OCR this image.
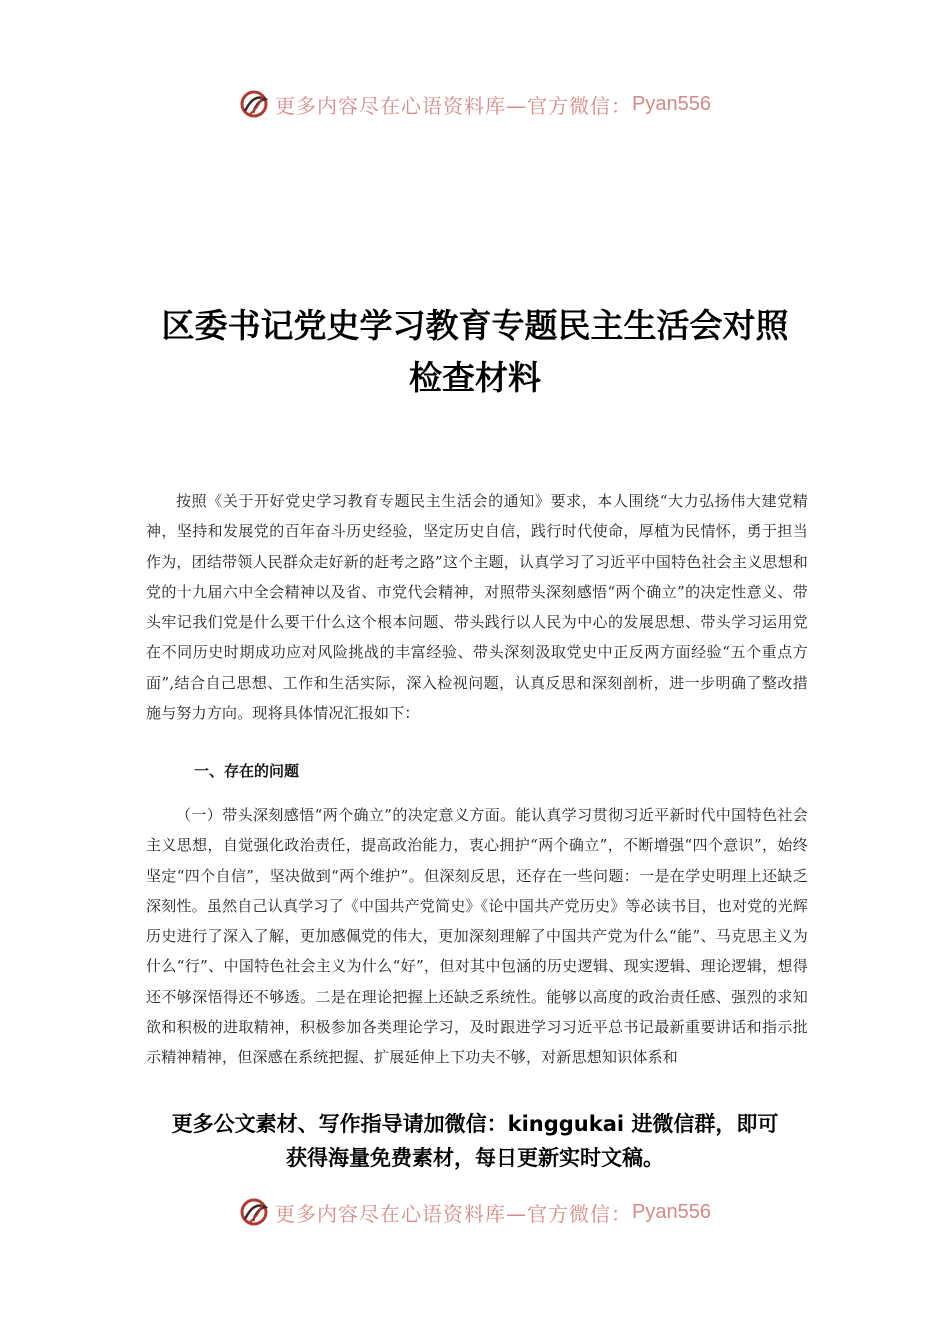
更多内容尽在心语资料库—官方微信： Pyan556
区委书记党史学习教育专题民主生活会对照检查材料
按照《关于开好党史学习教育专题民主生活会的通知》要求，本人围绕“大力弘扬伟大建党精神，坚持和发展党的百年奋斗历史经验，坚定历史自信，践行时代使命，厚植为民情怀，勇于担当作为，团结带领人民群众走好新的赶考之路”这个主题，认真学习了习近平中国特色社会主义思想和党的十九届六中全会精神以及省、市党代会精神，对照带头深刻感悟“两个确立”的决定性意义、带头牢记我们党是什么要干什么这个根本问题、带头践行以人民为中心的发展思想、带头学习运用党在不同历史时期成功应对风险挑战的丰富经验、带头深刻汲取党史中正反两方面经验“五个重点方面”,结合自己思想、工作和生活实际，深入检视问题，认真反思和深刻剖析，进一步明确了整改措施与努力方向。现将具体情况汇报如下：
一、存在的问题
（一）带头深刻感悟“两个确立”的决定意义方面。能认真学习贯彻习近平新时代中国特色社会主义思想，自觉强化政治责任，提高政治能力，衷心拥护“两个确立”，不断增强“四个意识”，始终坚定“四个自信”，坚决做到“两个维护”。但深刻反思，还存在一些问题：一是在学史明理上还缺乏深刻性。虽然自己认真学习了《中国共产党简史》《论中国共产党历史》等必读书目，也对党的光辉历史进行了深入了解，更加感佩党的伟大，更加深刻理解了中国共产党为什么“能”、马克思主义为什么“行”、中国特色社会主义为什么“好”，但对其中包涵的历史逻辑、现实逻辑、理论逻辑，想得还不够深悟得还不够透。二是在理论把握上还缺乏系统性。能够以高度的政治责任感、强烈的求知欲和积极的进取精神，积极参加各类理论学习，及时跟进学习习近平总书记最新重要讲话和指示批示精神精神，但深感在系统把握、扩展延伸上下功夫不够，对新思想知识体系和
更多公文素材、写作指导请加微信：kinggukai 进微信群，即可
获得海量免费素材，每日更新实时文稿。
更多内容尽在心语资料库—官方微信： Pyan556
